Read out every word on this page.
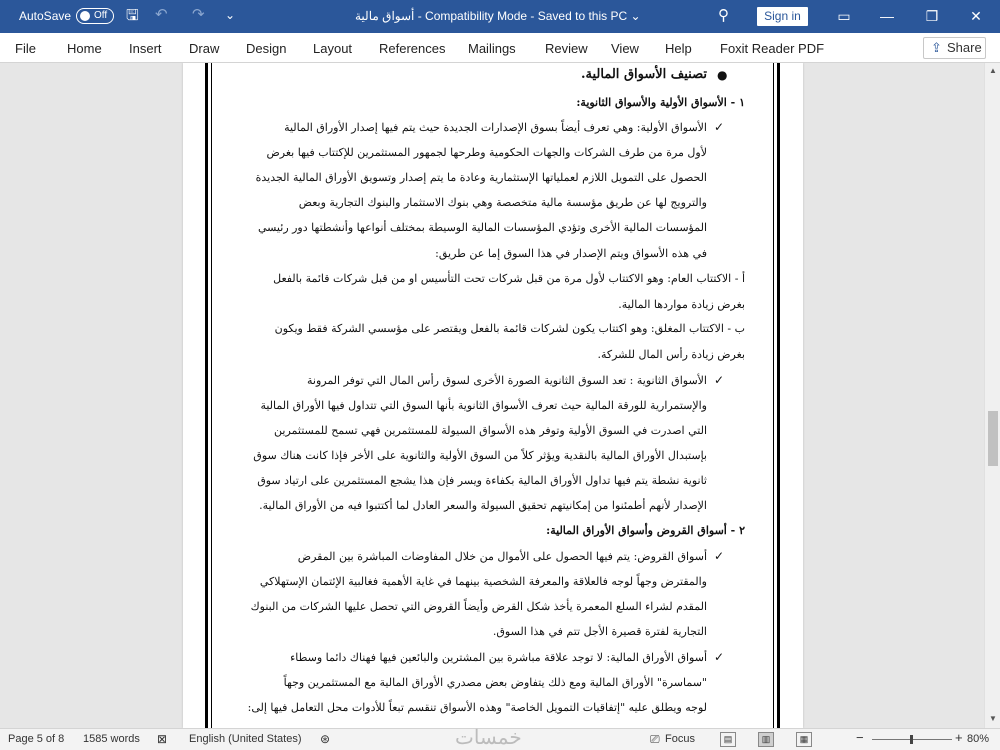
AutoSave Off 🖫 ↶ ↷ ⌄	أسواق مالية - Compatibility Mode - Saved to this PC ⌄	⚲	Sign in	▭ — ❐ ✕
File Home Insert Draw Design Layout References Mailings Review View Help Foxit Reader PDF	⇪ Share
●
تصنيف الأسواق المالية.
١ - الأسواق الأولية والأسواق الثانوية:
✓
الأسواق الأولية: وهي تعرف أيضاً بسوق الإصدارات الجديدة حيث يتم فيها إصدار الأوراق المالية
لأول مرة من طرف الشركات والجهات الحكومية وطرحها لجمهور المستثمرين للإكتتاب فيها بغرض
الحصول على التمويل اللازم لعملياتها الإستثمارية وعادة ما يتم إصدار وتسويق الأوراق المالية الجديدة
والترويج لها عن طريق مؤسسة مالية متخصصة وهي بنوك الاستثمار والبنوك التجارية وبعض
المؤسسات المالية الأخرى وتؤدي المؤسسات المالية الوسيطة بمختلف أنواعها وأنشطتها دور رئيسي
في هذه الأسواق ويتم الإصدار في هذا السوق إما عن طريق:
أ - الاكتتاب العام: وهو الاكتتاب لأول مرة من قبل شركات تحت التأسيس او من قبل شركات قائمة بالفعل
بغرض زيادة مواردها المالية.
ب - الاكتتاب المغلق: وهو اكتتاب يكون لشركات قائمة بالفعل ويقتصر على مؤسسي الشركة فقط ويكون
بغرض زيادة رأس المال للشركة.
✓
الأسواق الثانوية : تعد السوق الثانوية الصورة الأخرى لسوق رأس المال التي توفر المرونة
والإستمرارية للورقة المالية حيث تعرف الأسواق الثانوية بأنها السوق التي تتداول فيها الأوراق المالية
التي اصدرت في السوق الأولية وتوفر هذه الأسواق السيولة للمستثمرين فهي تسمح للمستثمرين
بإستبدال الأوراق المالية بالنقدية ويؤثر كلاً من السوق الأولية والثانوية على الأخر فإذا كانت هناك سوق
ثانوية نشطة يتم فيها تداول الأوراق المالية بكفاءة ويسر فإن هذا يشجع المستثمرين على ارتياد سوق
الإصدار لأنهم أطمئنوا من إمكانيتهم تحقيق السيولة والسعر العادل لما أكتتبوا فيه من الأوراق المالية.
٢ - أسواق القروض وأسواق الأوراق المالية:
✓
أسواق القروض: يتم فيها الحصول على الأموال من خلال المفاوضات المباشرة بين المقرض
والمقترض وجهاً لوجه فالعلاقة والمعرفة الشخصية بينهما في غاية الأهمية فغالبية الإئتمان الإستهلاكي
المقدم لشراء السلع المعمرة يأخذ شكل القرض وأيضاً القروض التي تحصل عليها الشركات من البنوك
التجارية لفترة قصيرة الأجل تتم في هذا السوق.
✓
أسواق الأوراق المالية: لا توجد علاقة مباشرة بين المشترين والبائعين فيها فهناك دائما وسطاء
"سماسرة" الأوراق المالية ومع ذلك يتفاوض بعض مصدري الأوراق المالية مع المستثمرين وجهاً
لوجه ويطلق عليه "إتفاقيات التمويل الخاصة" وهذه الأسواق تنقسم تبعاً للأدوات محل التعامل فيها إلى:
▲
▼
Page 5 of 8 1585 words ⊠ English (United States) ⊛	خمسات	⎚ Focus	▤	▥	▦	−	+ 80%
